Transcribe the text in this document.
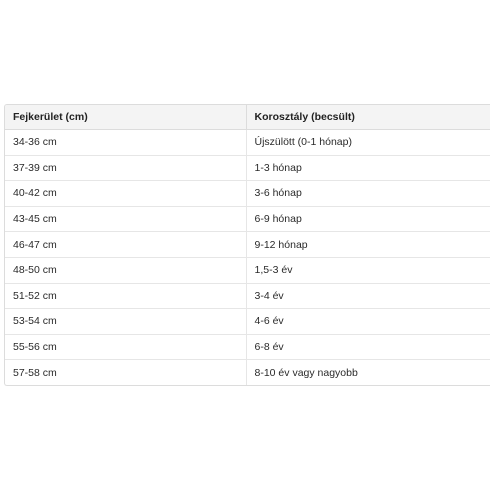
Fejkerület (cm)	Korosztály (becsült)
34-36 cm	Újszülött (0-1 hónap)
37-39 cm	1-3 hónap
40-42 cm	3-6 hónap
43-45 cm	6-9 hónap
46-47 cm	9-12 hónap
48-50 cm	1,5-3 év
51-52 cm	3-4 év
53-54 cm	4-6 év
55-56 cm	6-8 év
57-58 cm	8-10 év vagy nagyobb
